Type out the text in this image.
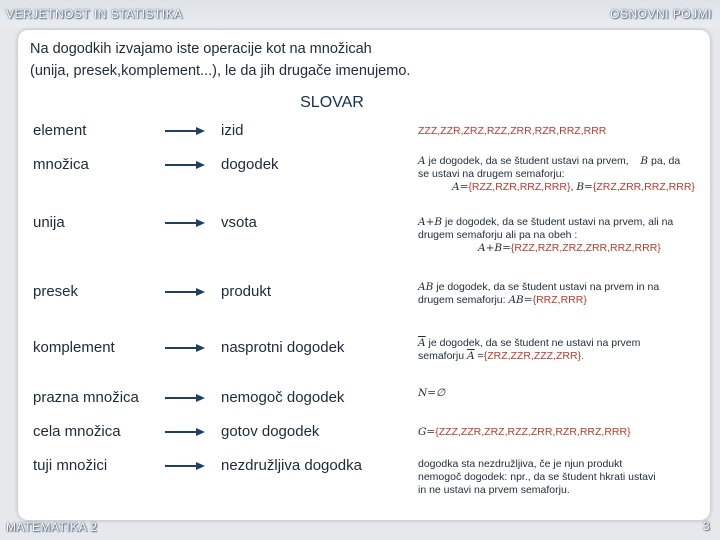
VERJETNOST IN STATISTIKA	OSNOVNI POJMI
Na dogodkih izvajamo iste operacije kot na množicah
(unija, presek,komplement...), le da jih drugače imenujemo.
SLOVAR
element	izid	ZZZ,ZZR,ZRZ,RZZ,ZRR,RZR,RRZ,RRR
množica	dogodek	A je dogodek, da se študent ustavi na prvem, B pa, da
se ustavi na drugem semaforju:
A={RZZ,RZR,RRZ,RRR}, B={ZRZ,ZRR,RRZ,RRR}
unija	vsota	A+B je dogodek, da se študent ustavi na prvem, ali na
drugem semaforju ali pa na obeh :
A+B={RZZ,RZR,ZRZ,ZRR,RRZ,RRR}
presek	produkt	AB je dogodek, da se študent ustavi na prvem in na
drugem semaforju: AB={RRZ,RRR}
komplement	nasprotni dogodek	$\overline{A}$ je dogodek, da se študent ne ustavi na prvem
semaforju $\overline{A} =\{ZRZ,ZZR,ZZZ,ZRR\}$.
prazna množica	nemogoč dogodek	N=∅
cela množica	gotov dogodek	G={ZZZ,ZZR,ZRZ,RZZ,ZRR,RZR,RRZ,RRR}
tuji množici	nezdružljiva dogodka	dogodka sta nezdružljiva, če je njun produkt
nemogoč dogodek: npr., da se študent hkrati ustavi
in ne ustavi na prvem semaforju.
MATEMATIKA 2	3
